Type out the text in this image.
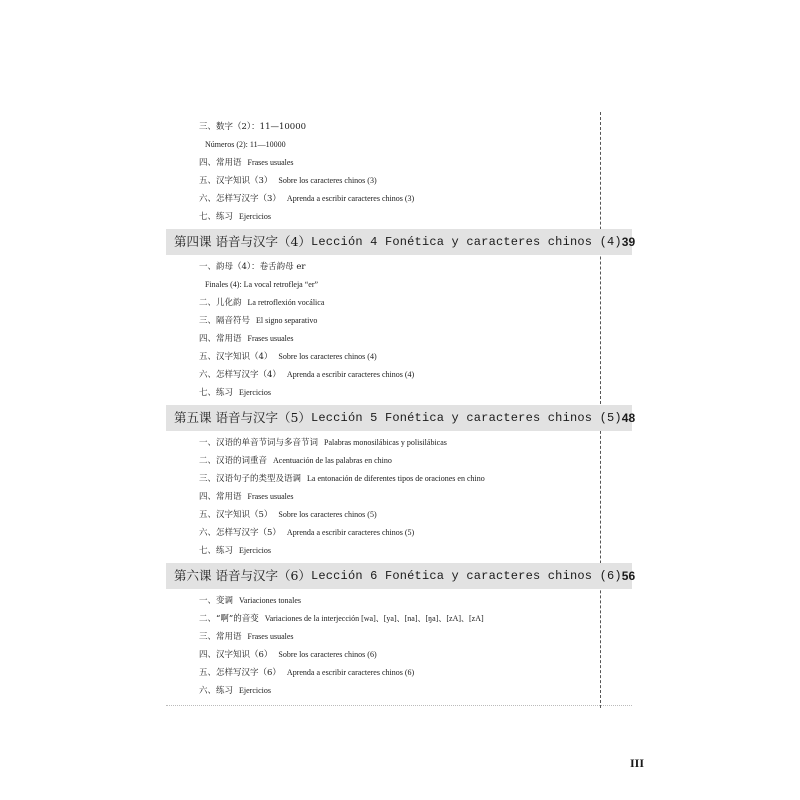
三、数字（2）：11—10000
Números (2): 11—10000
四、常用语 Frases usuales
五、汉字知识（3） Sobre los caracteres chinos (3)
六、怎样写汉字（3） Aprenda a escribir caracteres chinos (3)
七、练习 Ejercicios
第四课 语音与汉字（4） Lección 4 Fonética y caracteres chinos (4) 39
一、韵母（4）：卷舌韵母 er
Finales (4): La vocal retrofleja “er”
二、儿化韵 La retroflexión vocálica
三、隔音符号 El signo separativo
四、常用语 Frases usuales
五、汉字知识（4） Sobre los caracteres chinos (4)
六、怎样写汉字（4） Aprenda a escribir caracteres chinos (4)
七、练习 Ejercicios
第五课 语音与汉字（5） Lección 5 Fonética y caracteres chinos (5) 48
一、汉语的单音节词与多音节词 Palabras monosilábicas y polisilábicas
二、汉语的词重音 Acentuación de las palabras en chino
三、汉语句子的类型及语调 La entonación de diferentes tipos de oraciones en chino
四、常用语 Frases usuales
五、汉字知识（5） Sobre los caracteres chinos (5)
六、怎样写汉字（5） Aprenda a escribir caracteres chinos (5)
七、练习 Ejercicios
第六课 语音与汉字（6） Lección 6 Fonética y caracteres chinos (6) 56
一、变调 Variaciones tonales
二、“啊”的音变 Variaciones de la interjección [wa]、[ya]、[na]、[ŋa]、[zA]、[zA]
三、常用语 Frases usuales
四、汉字知识（6） Sobre los caracteres chinos (6)
五、怎样写汉字（6） Aprenda a escribir caracteres chinos (6)
六、练习 Ejercicios
III
